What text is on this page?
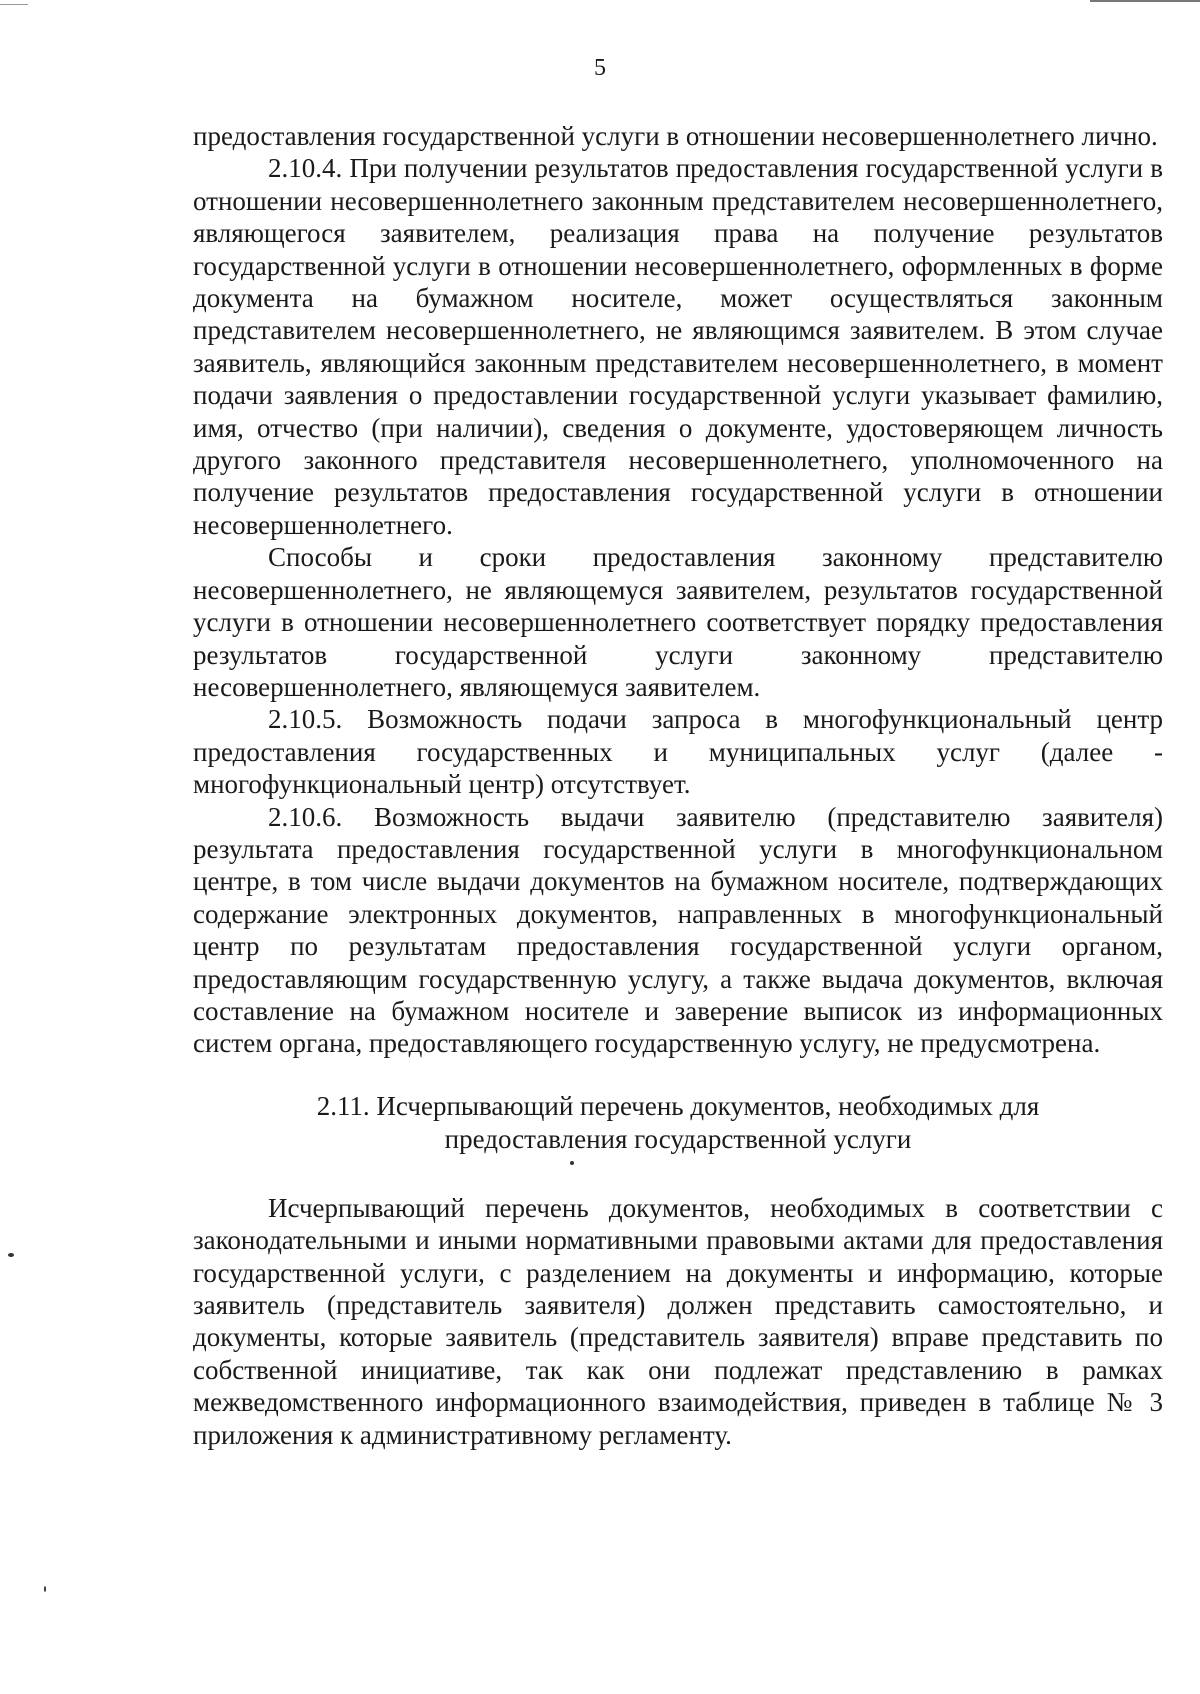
5

предоставления государственной услуги в отношении несовершеннолетнего лично.

2.10.4. При получении результатов предоставления государственной услуги в отношении несовершеннолетнего законным представителем несовершеннолетнего, являющегося заявителем, реализация права на получение результатов государственной услуги в отношении несовершеннолетнего, оформленных в форме документа на бумажном носителе, может осуществляться законным представителем несовершеннолетнего, не являющимся заявителем. В этом случае заявитель, являющийся законным представителем несовершеннолетнего, в момент подачи заявления о предоставлении государственной услуги указывает фамилию, имя, отчество (при наличии), сведения о документе, удостоверяющем личность другого законного представителя несовершеннолетнего, уполномоченного на получение результатов предоставления государственной услуги в отношении несовершеннолетнего.

Способы и сроки предоставления законному представителю несовершеннолетнего, не являющемуся заявителем, результатов государственной услуги в отношении несовершеннолетнего соответствует порядку предоставления результатов государственной услуги законному представителю несовершеннолетнего, являющемуся заявителем.

2.10.5. Возможность подачи запроса в многофункциональный центр предоставления государственных и муниципальных услуг (далее - многофункциональный центр) отсутствует.

2.10.6. Возможность выдачи заявителю (представителю заявителя) результата предоставления государственной услуги в многофункциональном центре, в том числе выдачи документов на бумажном носителе, подтверждающих содержание электронных документов, направленных в многофункциональный центр по результатам предоставления государственной услуги органом, предоставляющим государственную услугу, а также выдача документов, включая составление на бумажном носителе и заверение выписок из информационных систем органа, предоставляющего государственную услугу, не предусмотрена.

2.11. Исчерпывающий перечень документов, необходимых для
предоставления государственной услуги

Исчерпывающий перечень документов, необходимых в соответствии с законодательными и иными нормативными правовыми актами для предоставления государственной услуги, с разделением на документы и информацию, которые заявитель (представитель заявителя) должен представить самостоятельно, и документы, которые заявитель (представитель заявителя) вправе представить по собственной инициативе, так как они подлежат представлению в рамках межведомственного информационного взаимодействия, приведен в таблице № 3 приложения к административному регламенту.
